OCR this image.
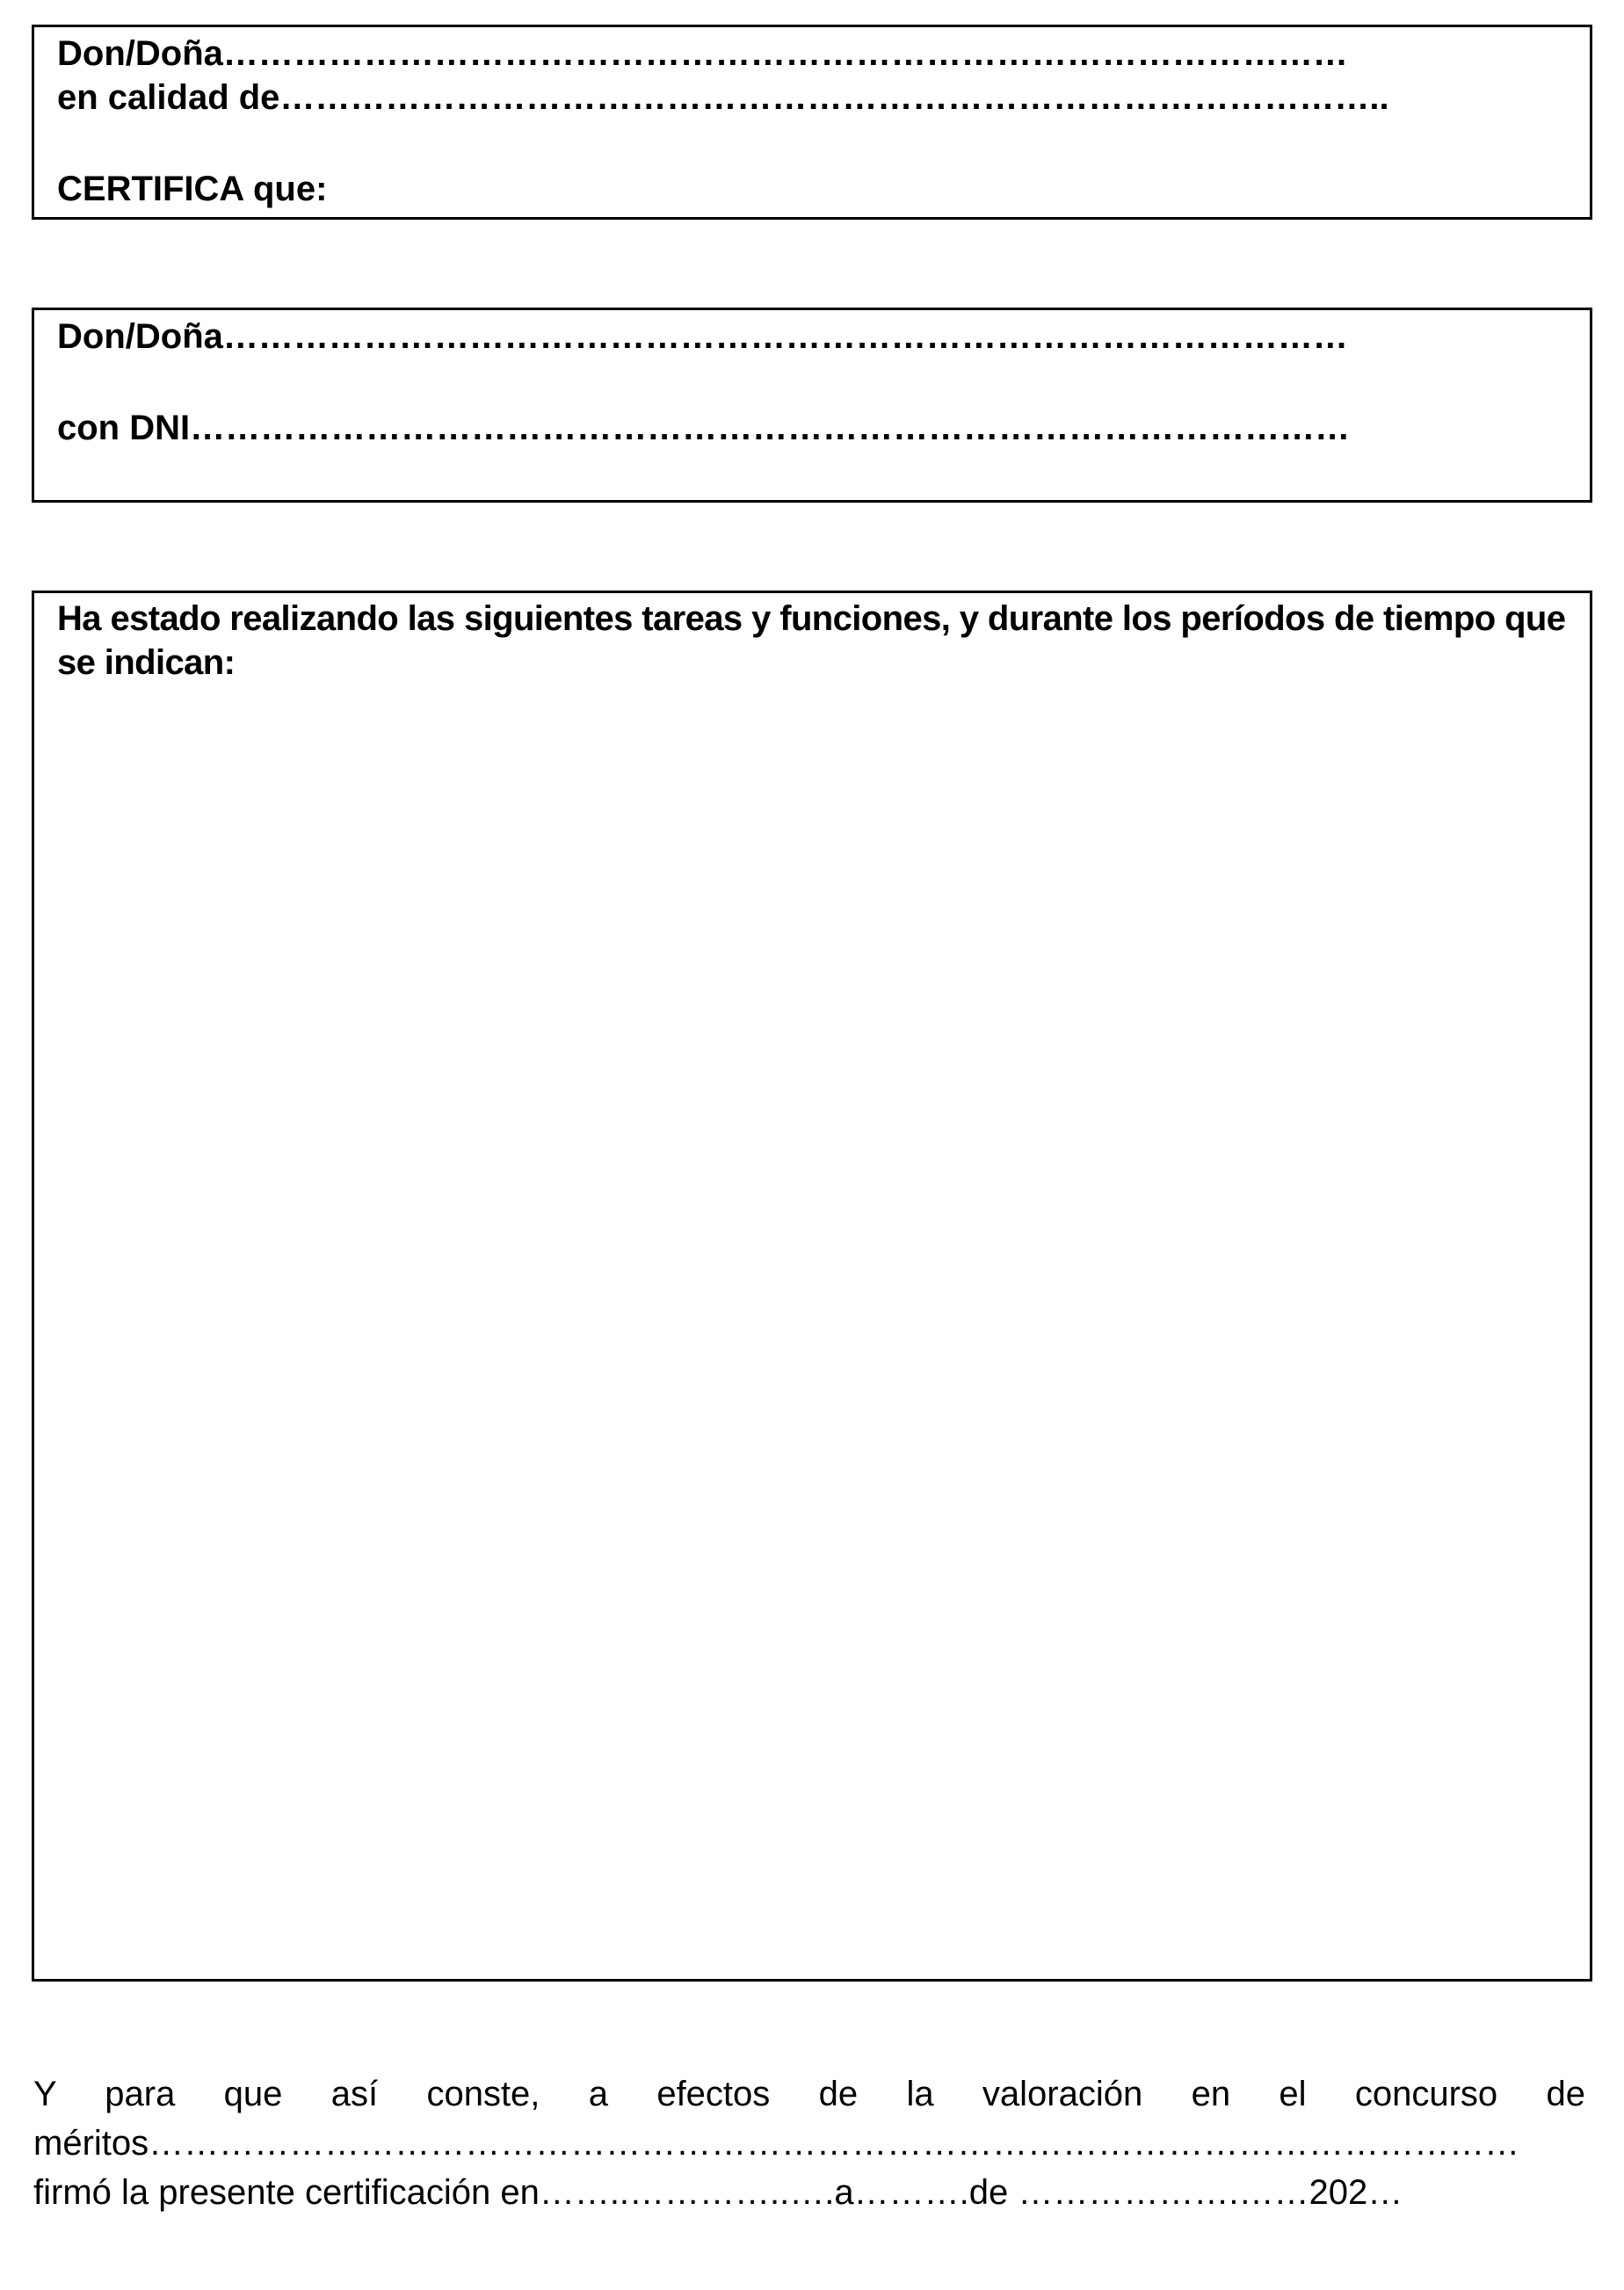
Don/Doña……………………………………………………………………………………
en calidad de…………………………………………………………………………………..
CERTIFICA que:
Don/Doña……………………………………………………………………………………
con DNI………………………………………………………………………………………
Ha estado realizando las siguientes tareas y funciones, y durante los períodos de tiempo que se indican:
Y para que así conste, a efectos de la valoración en el concurso de
méritos………………………………………………………………………………………………………
firmó la presente certificación en……..…………..….a……….de ……………….……202…
